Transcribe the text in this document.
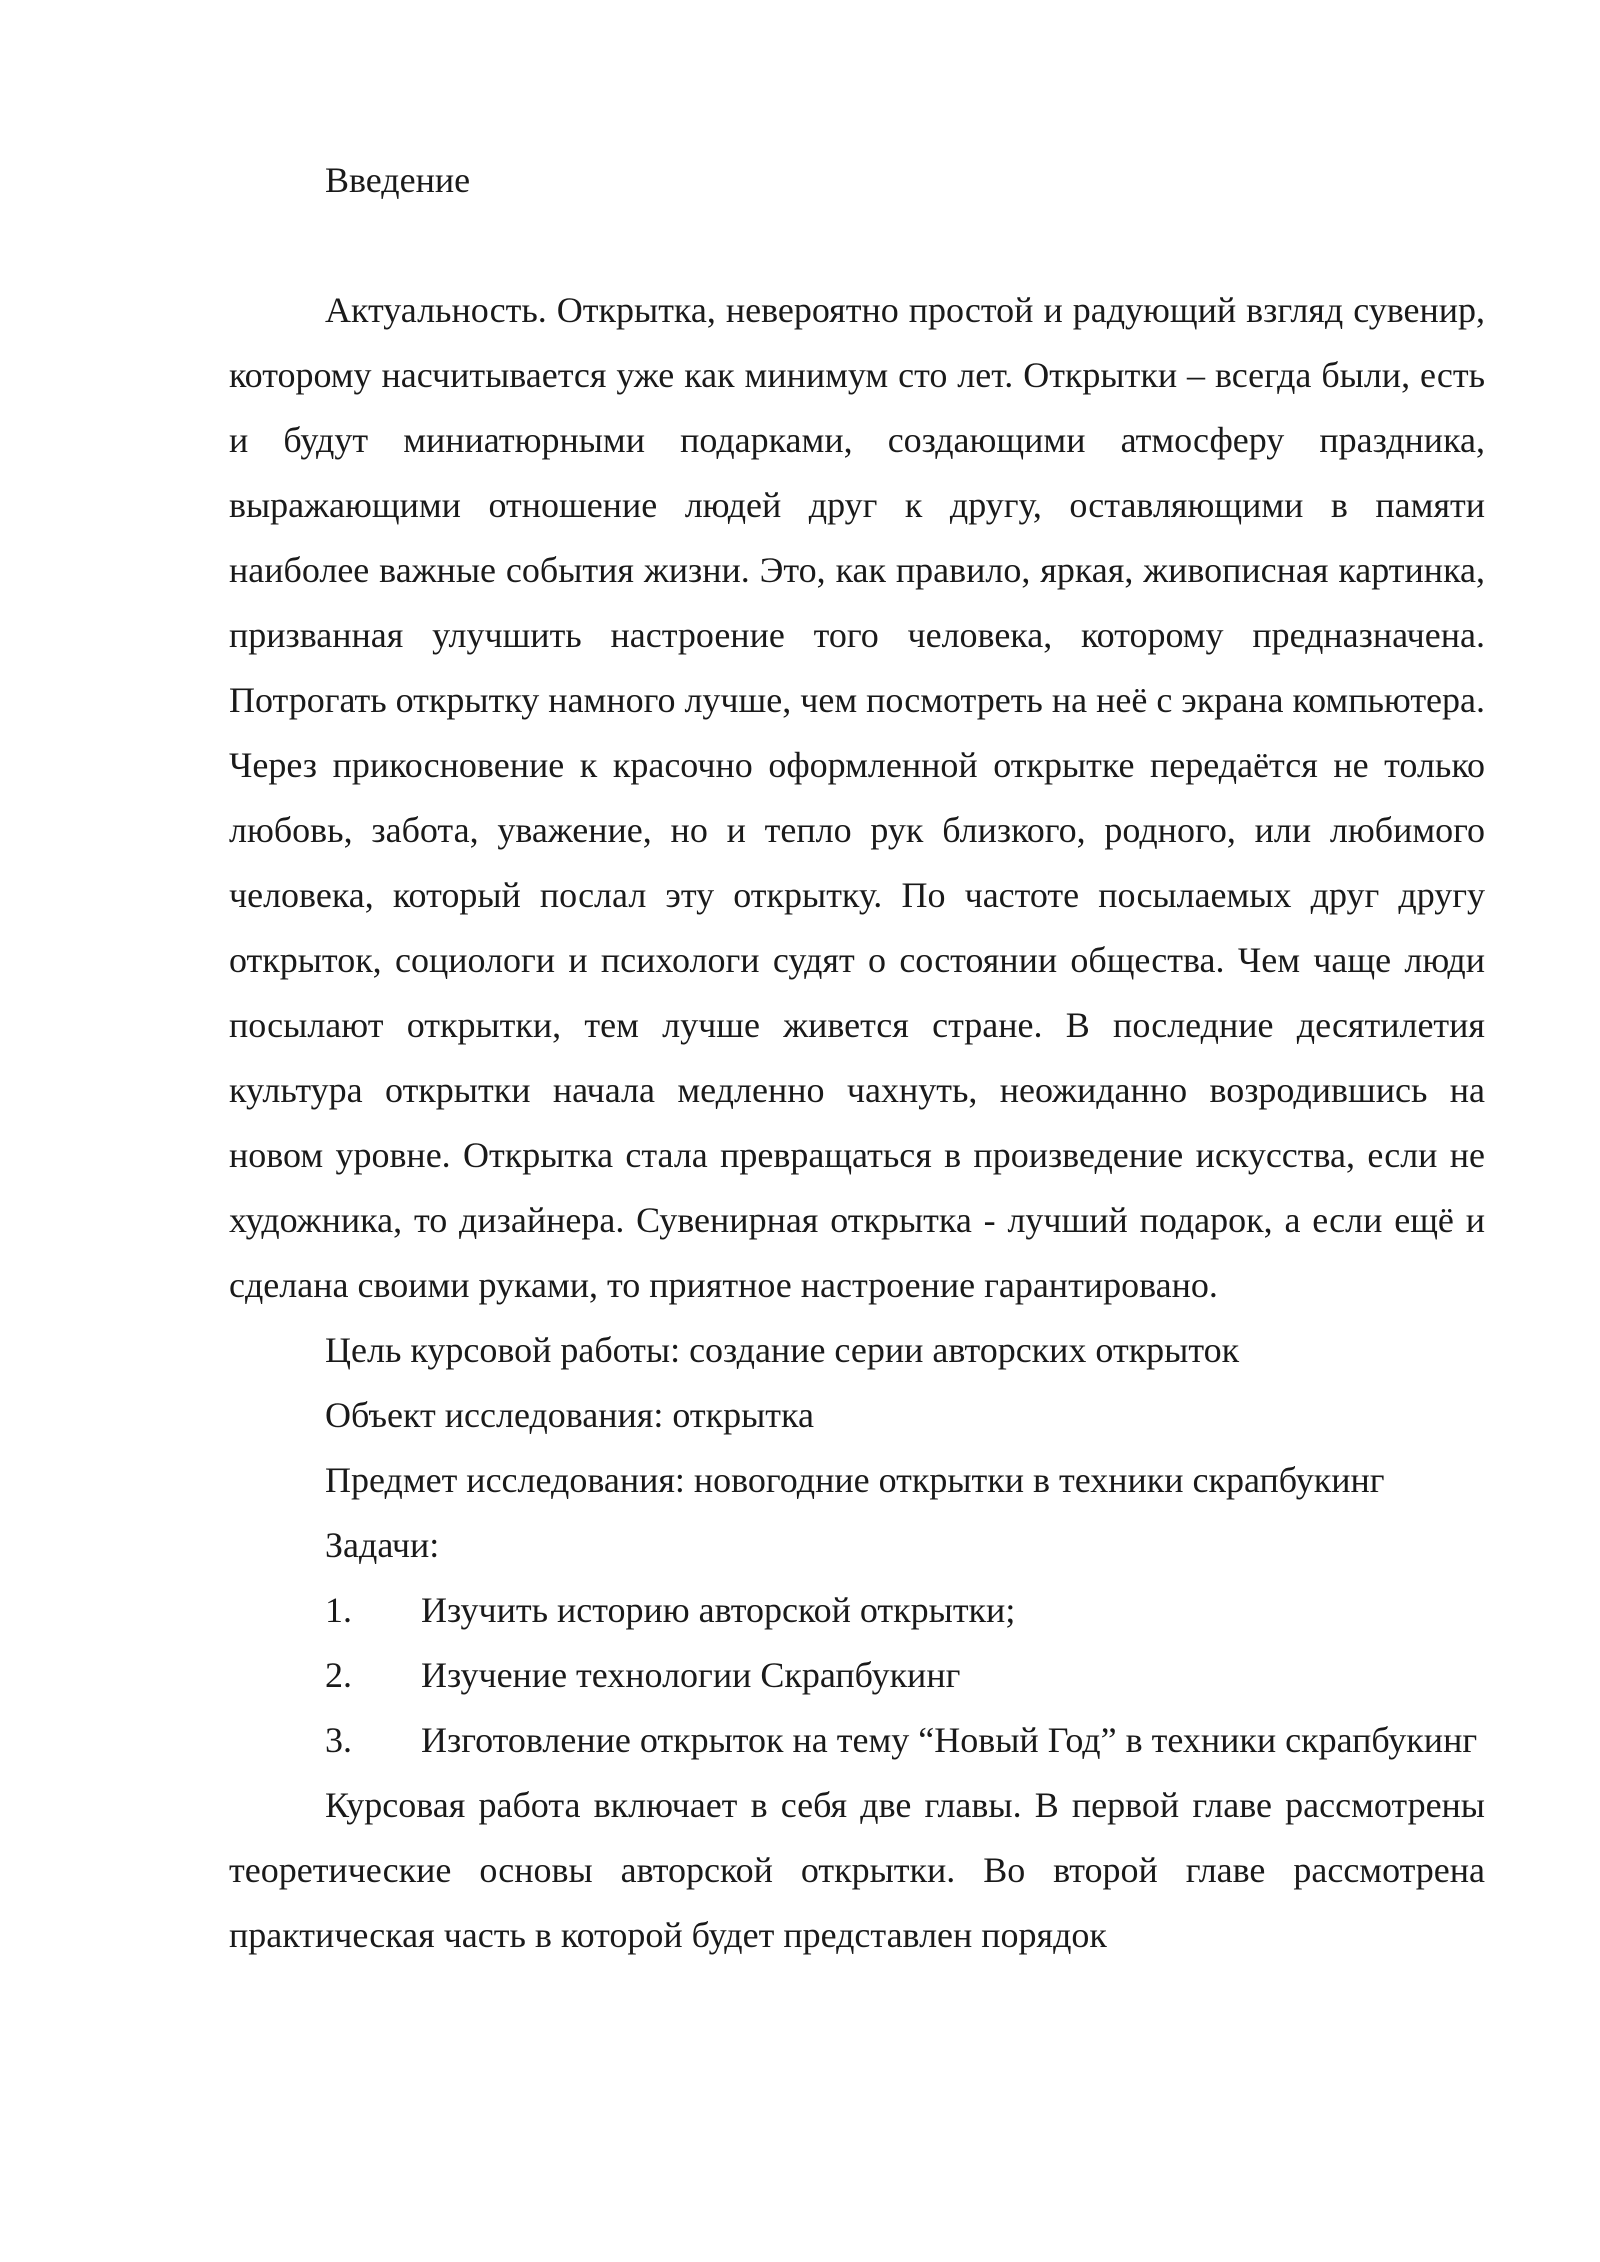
Введение

Актуальность. Открытка, невероятно простой и радующий взгляд сувенир, которому насчитывается уже как минимум сто лет. Открытки – всегда были, есть и будут миниатюрными подарками, создающими атмосферу праздника, выражающими отношение людей друг к другу, оставляющими в памяти наиболее важные события жизни. Это, как правило, яркая, живописная картинка, призванная улучшить настроение того человека, которому предназначена. Потрогать открытку намного лучше, чем посмотреть на неё с экрана компьютера. Через прикосновение к красочно оформленной открытке передаётся не только любовь, забота, уважение, но и тепло рук близкого, родного, или любимого человека, который послал эту открытку. По частоте посылаемых друг другу открыток, социологи и психологи судят о состоянии общества. Чем чаще люди посылают открытки, тем лучше живется стране. В последние десятилетия культура открытки начала медленно чахнуть, неожиданно возродившись на новом уровне. Открытка стала превращаться в произведение искусства, если не художника, то дизайнера. Сувенирная открытка - лучший подарок, а если ещё и сделана своими руками, то приятное настроение гарантировано.

Цель курсовой работы: создание серии авторских открыток

Объект исследования: открытка

Предмет исследования: новогодние открытки в техники скрапбукинг

Задачи:

1. Изучить историю авторской открытки;

2. Изучение технологии Скрапбукинг

3. Изготовление открыток на тему “Новый Год” в техники скрапбукинг

Курсовая работа включает в себя две главы. В первой главе рассмотрены теоретические основы авторской открытки. Во второй главе рассмотрена практическая часть в которой будет представлен порядок
